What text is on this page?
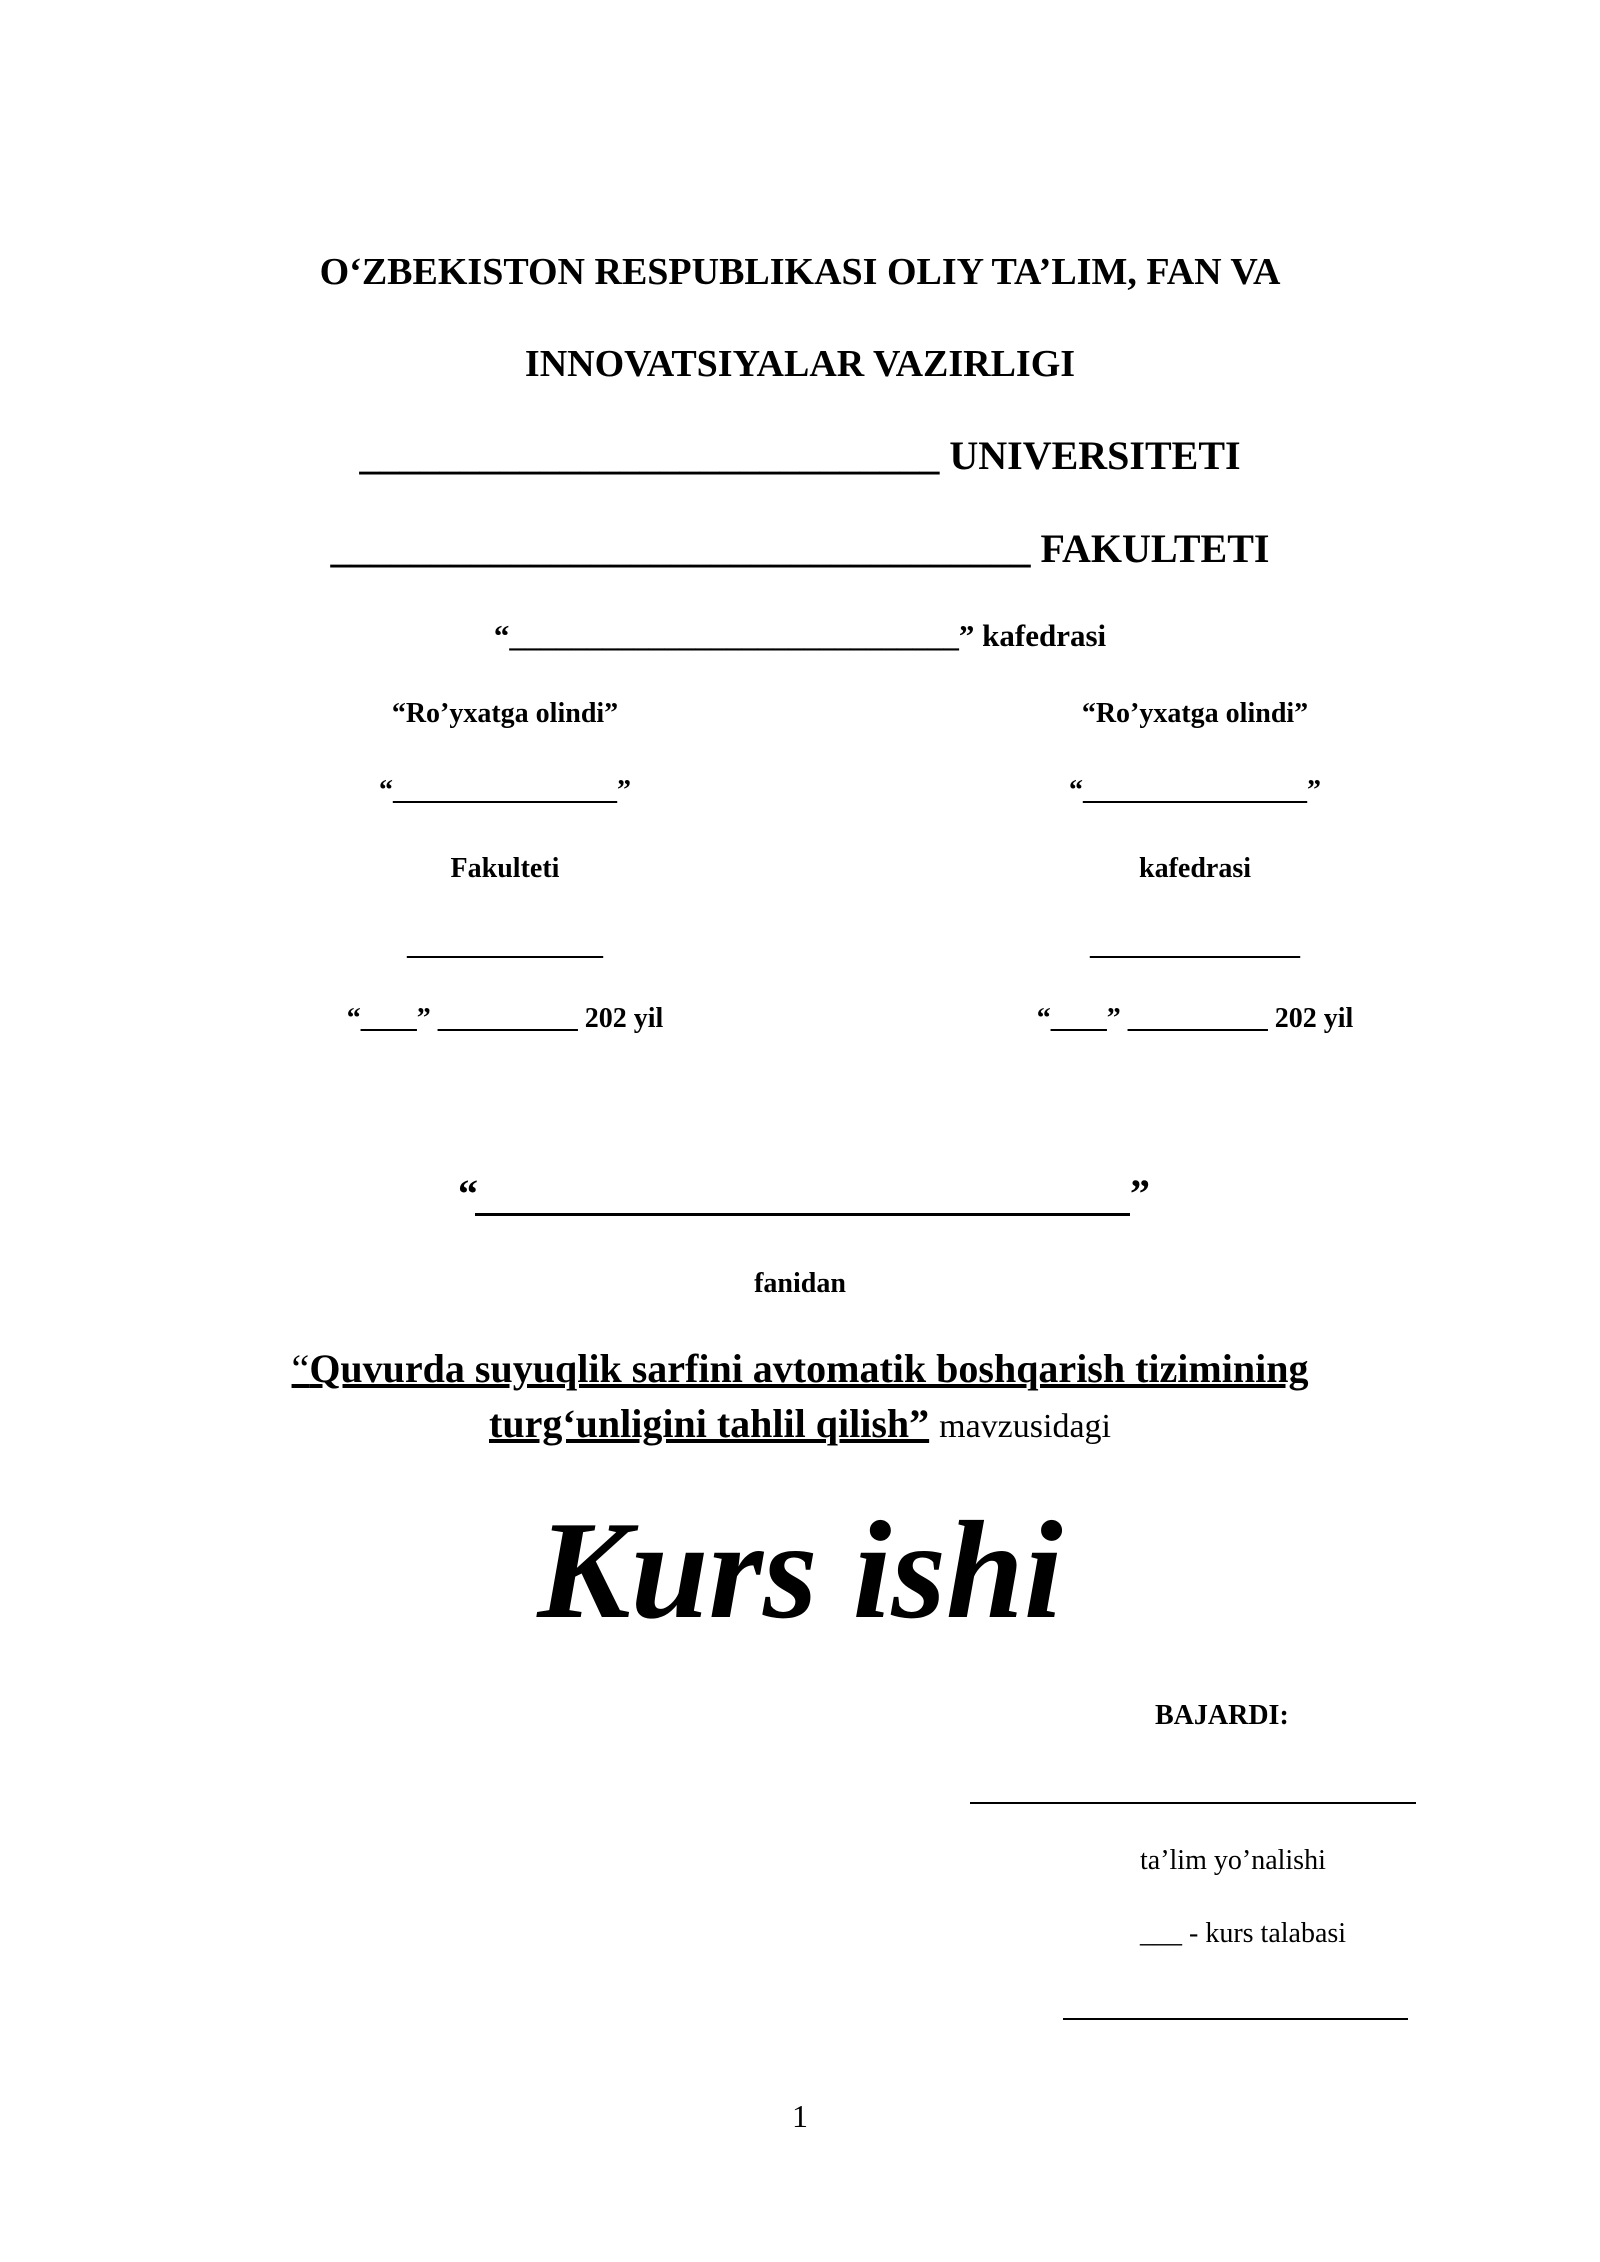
O‘ZBEKISTON RESPUBLIKASI OLIY TA’LIM, FAN VA
INNOVATSIYALAR VAZIRLIGI
_____________________________ UNIVERSITETI
___________________________________ FAKULTETI
“_____________________________” kafedrasi
“Ro’yxatga olindi”
“________________”
Fakulteti
______________
“____” __________ 202 yil
“Ro’yxatga olindi”
“________________”
kafedrasi
_______________
“____” __________ 202 yil
“	”
fanidan
“Quvurda suyuqlik sarfini avtomatik boshqarish tizimining
turg‘unligini tahlil qilish” mavzusidagi
Kurs ishi
BAJARDI:
ta’lim yo’nalishi
___ - kurs talabasi
1
